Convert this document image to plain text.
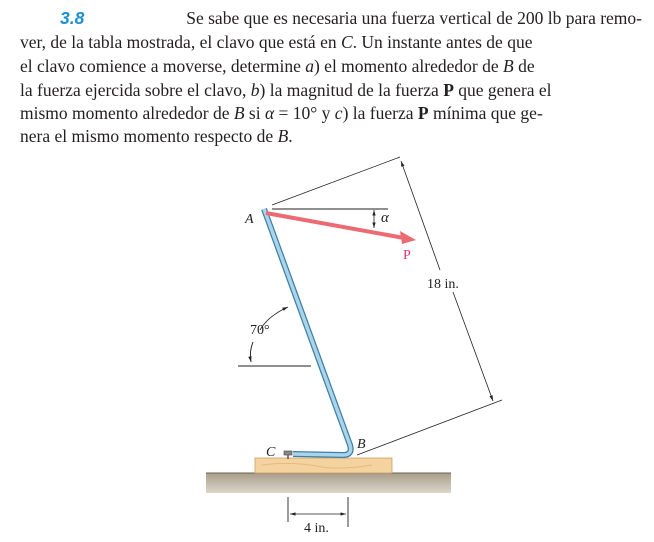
3.8	Se sabe que es necesaria una fuerza vertical de 200 lb para remo-
ver, de la tabla mostrada, el clavo que está en C. Un instante antes de que
el clavo comience a moverse, determine a) el momento alrededor de B de
la fuerza ejercida sobre el clavo, b) la magnitud de la fuerza P que genera el
mismo momento alrededor de B si α = 10° y c) la fuerza P mínima que ge-
nera el mismo momento respecto de B.
A
B
C
P
α
70°
18 in.
4 in.
